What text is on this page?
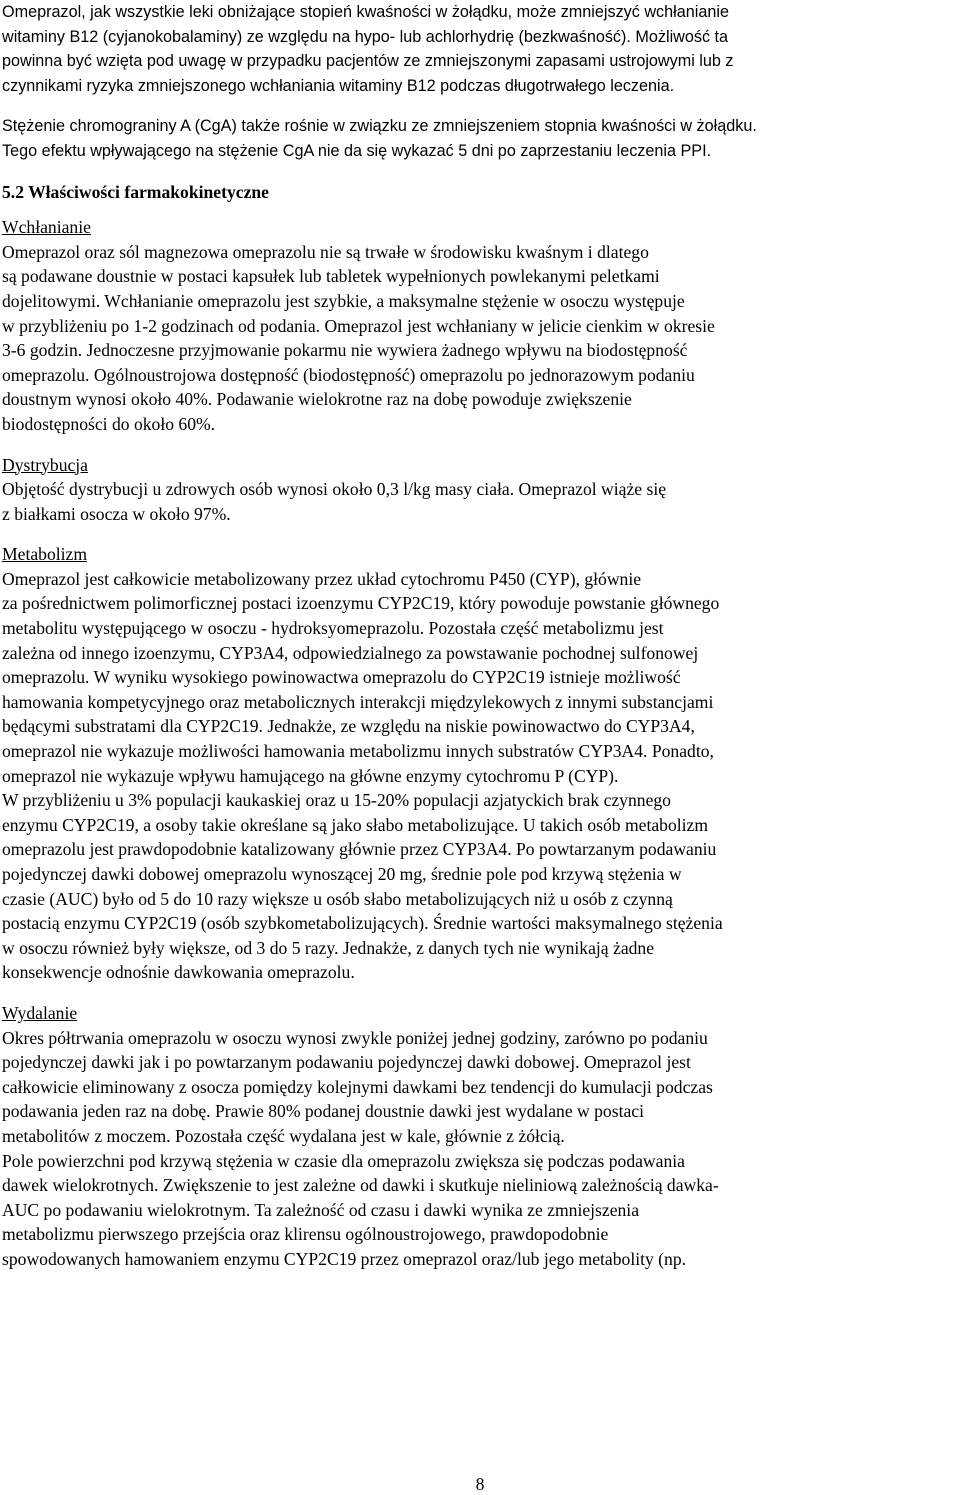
Omeprazol, jak wszystkie leki obniżające stopień kwaśności w żołądku, może zmniejszyć wchłanianie
witaminy B12 (cyjanokobalaminy) ze względu na hypo- lub achlorhydrię (bezkwaśność). Możliwość ta
powinna być wzięta pod uwagę w przypadku pacjentów ze zmniejszonymi zapasami ustrojowymi lub z
czynnikami ryzyka zmniejszonego wchłaniania witaminy B12 podczas długotrwałego leczenia.

Stężenie chromograniny A (CgA) także rośnie w związku ze zmniejszeniem stopnia kwaśności w żołądku.
Tego efektu wpływającego na stężenie CgA nie da się wykazać 5 dni po zaprzestaniu leczenia PPI.

5.2 Właściwości farmakokinetyczne

Wchłanianie

Omeprazol oraz sól magnezowa omeprazolu nie są trwałe w środowisku kwaśnym i dlatego
są podawane doustnie w postaci kapsułek lub tabletek wypełnionych powlekanymi peletkami
dojelitowymi. Wchłanianie omeprazolu jest szybkie, a maksymalne stężenie w osoczu występuje
w przybliżeniu po 1-2 godzinach od podania. Omeprazol jest wchłaniany w jelicie cienkim w okresie
3-6 godzin. Jednoczesne przyjmowanie pokarmu nie wywiera żadnego wpływu na biodostępność
omeprazolu. Ogólnoustrojowa dostępność (biodostępność) omeprazolu po jednorazowym podaniu
doustnym wynosi około 40%. Podawanie wielokrotne raz na dobę powoduje zwiększenie
biodostępności do około 60%.

Dystrybucja

Objętość dystrybucji u zdrowych osób wynosi około 0,3 l/kg masy ciała. Omeprazol wiąże się
z białkami osocza w około 97%.

Metabolizm

Omeprazol jest całkowicie metabolizowany przez układ cytochromu P450 (CYP), głównie
za pośrednictwem polimorficznej postaci izoenzymu CYP2C19, który powoduje powstanie głównego
metabolitu występującego w osoczu - hydroksyomeprazolu. Pozostała część metabolizmu jest
zależna od innego izoenzymu, CYP3A4, odpowiedzialnego za powstawanie pochodnej sulfonowej
omeprazolu. W wyniku wysokiego powinowactwa omeprazolu do CYP2C19 istnieje możliwość
hamowania kompetycyjnego oraz metabolicznych interakcji międzylekowych z innymi substancjami
będącymi substratami dla CYP2C19. Jednakże, ze względu na niskie powinowactwo do CYP3A4,
omeprazol nie wykazuje możliwości hamowania metabolizmu innych substratów CYP3A4. Ponadto,
omeprazol nie wykazuje wpływu hamującego na główne enzymy cytochromu P (CYP).
W przybliżeniu u 3% populacji kaukaskiej oraz u 15-20% populacji azjatyckich brak czynnego
enzymu CYP2C19, a osoby takie określane są jako słabo metabolizujące. U takich osób metabolizm
omeprazolu jest prawdopodobnie katalizowany głównie przez CYP3A4. Po powtarzanym podawaniu
pojedynczej dawki dobowej omeprazolu wynoszącej 20 mg, średnie pole pod krzywą stężenia w
czasie (AUC) było od 5 do 10 razy większe u osób słabo metabolizujących niż u osób z czynną
postacią enzymu CYP2C19 (osób szybkometabolizujących). Średnie wartości maksymalnego stężenia
w osoczu również były większe, od 3 do 5 razy. Jednakże, z danych tych nie wynikają żadne
konsekwencje odnośnie dawkowania omeprazolu.

Wydalanie

Okres półtrwania omeprazolu w osoczu wynosi zwykle poniżej jednej godziny, zarówno po podaniu
pojedynczej dawki jak i po powtarzanym podawaniu pojedynczej dawki dobowej. Omeprazol jest
całkowicie eliminowany z osocza pomiędzy kolejnymi dawkami bez tendencji do kumulacji podczas
podawania jeden raz na dobę. Prawie 80% podanej doustnie dawki jest wydalane w postaci
metabolitów z moczem. Pozostała część wydalana jest w kale, głównie z żółcią.
Pole powierzchni pod krzywą stężenia w czasie dla omeprazolu zwiększa się podczas podawania
dawek wielokrotnych. Zwiększenie to jest zależne od dawki i skutkuje nieliniową zależnością dawka-
AUC po podawaniu wielokrotnym. Ta zależność od czasu i dawki wynika ze zmniejszenia
metabolizmu pierwszego przejścia oraz klirensu ogólnoustrojowego, prawdopodobnie
spowodowanych hamowaniem enzymu CYP2C19 przez omeprazol oraz/lub jego metabolity (np.

8
